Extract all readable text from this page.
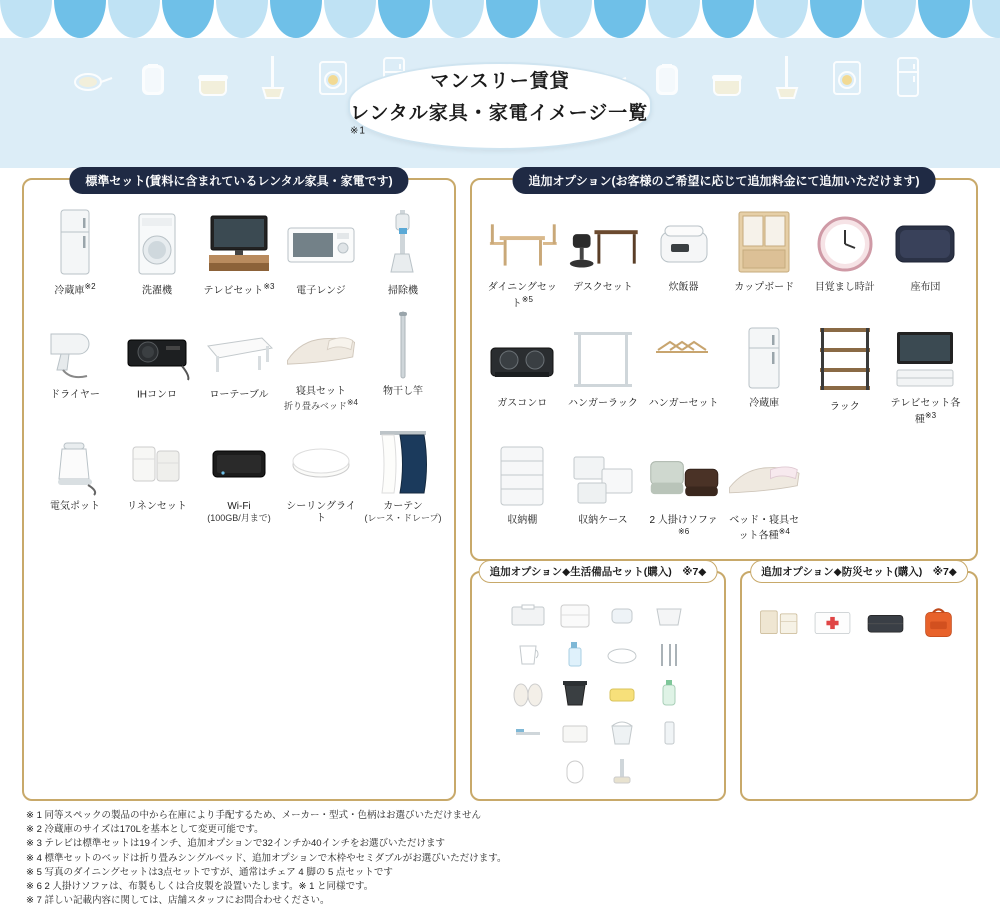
マンスリー賃貸
レンタル家具・家電イメージ一覧$^{※1}$
標準セット(賃料に含まれているレンタル家具・家電です)
冷蔵庫$^{※2}$	洗濯機	テレビセット$^{※3}$	電子レンジ	掃除機
ドライヤー	IHコンロ	ローテーブル	寝具セット
折り畳みベッド$^{※4}$
物干し竿
電気ポット	リネンセット	Wi-Fi
(100GB/月まで)
シーリングライト
カーテン
(レース・ドレープ)
追加オプション(お客様のご希望に応じて追加料金にて追加いただけます)
ダイニングセット$^{※5}$
デスクセット	炊飯器	カップボード	目覚まし時計	座布団
ガスコンロ	ハンガーラック	ハンガーセット	冷蔵庫	ラック	テレビセット各種$^{※3}$
収納棚	収納ケース	2 人掛けソファ$^{※6}$
ベッド・寝具セット各種$^{※4}$
追加オプション◆生活備品セット(購入)　※7◆	追加オプション◆防災セット(購入)　※7◆
※ 1 同等スペックの製品の中から在庫により手配するため、メーカー・型式・色柄はお選びいただけません
※ 2 冷蔵庫のサイズは170Lを基本として変更可能です。
※ 3 テレビは標準セットは19インチ、追加オプションで32インチか40インチをお選びいただけます
※ 4 標準セットのベッドは折り畳みシングルベッド、追加オプションで木枠やセミダブルがお選びいただけます。
※ 5 写真のダイニングセットは3点セットですが、通常はチェア 4 脚の 5 点セットです
※ 6 2 人掛けソファは、布製もしくは合皮製を設置いたします。※ 1 と同様です。
※ 7 詳しい記載内容に関しては、店舗スタッフにお問合わせください。
